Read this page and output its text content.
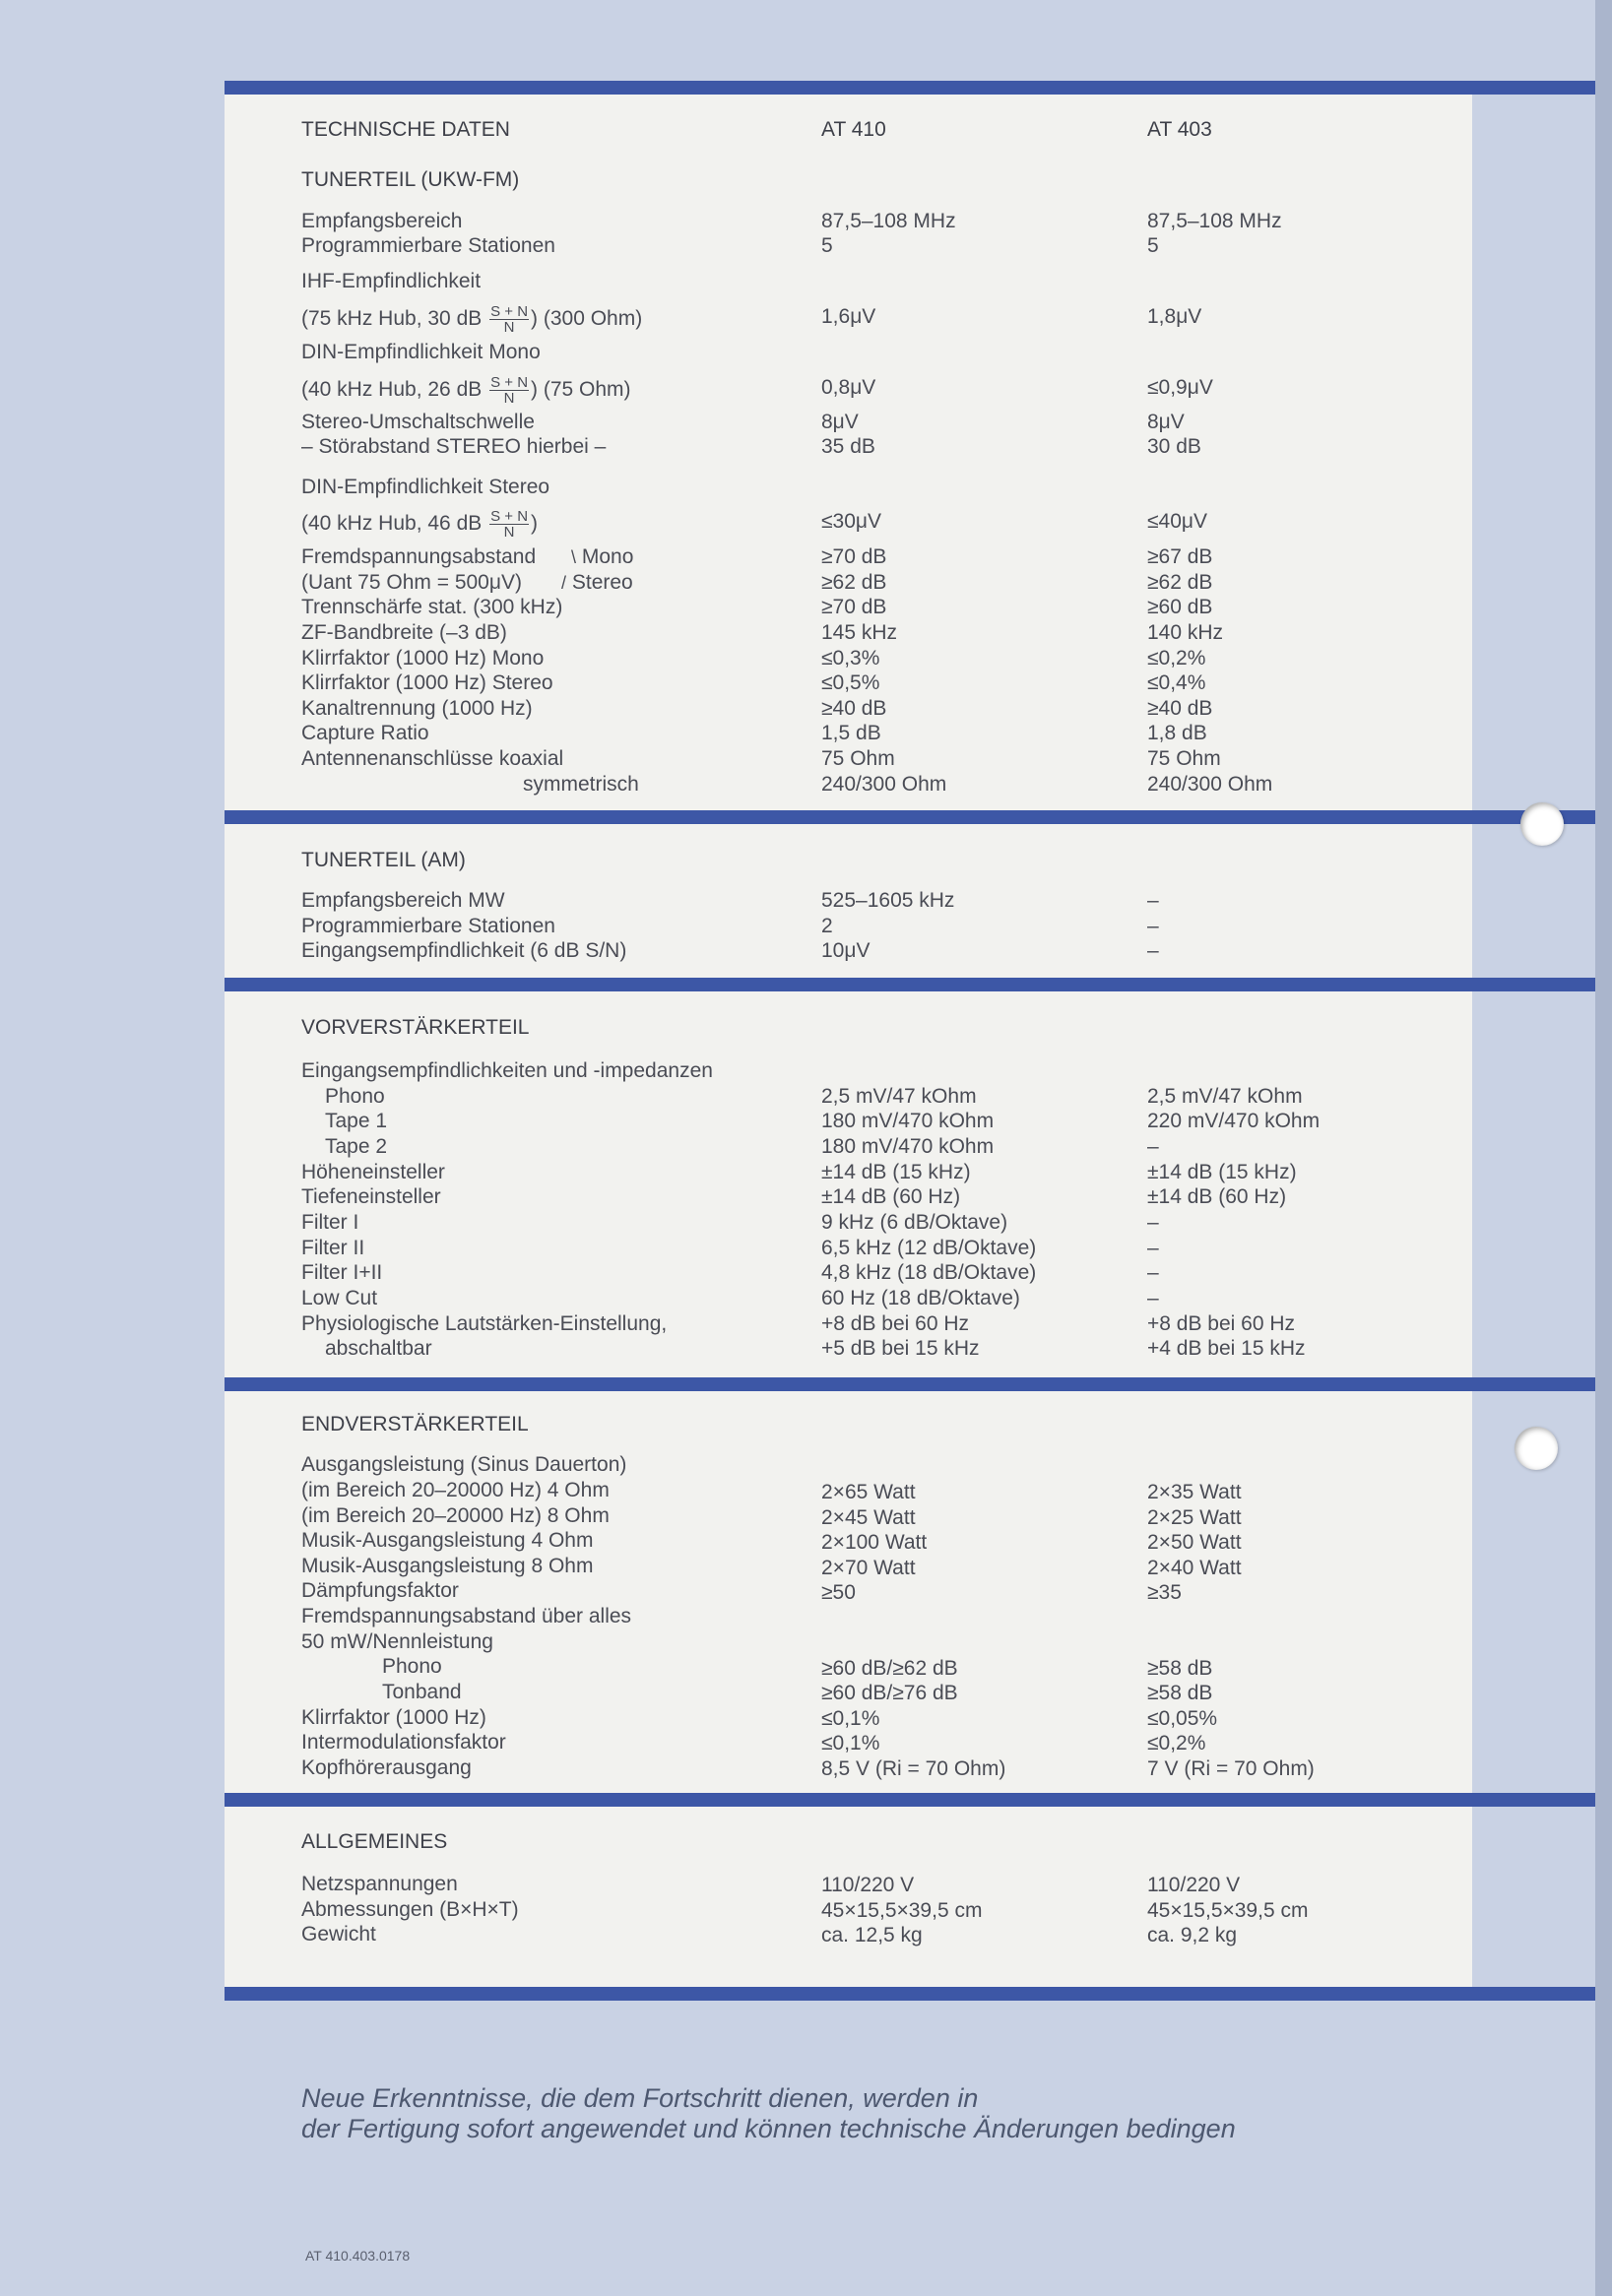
TECHNISCHE DATEN	AT 410	AT 403
TUNERTEIL (UKW-FM)
Empfangsbereich	87,5–108 MHz	87,5–108 MHz
Programmierbare Stationen	5	5
IHF-Empfindlichkeit
(75 kHz Hub, 30 dB $\frac{S + N}{N}$ ) (300 Ohm)	1,6μV	1,8μV
DIN-Empfindlichkeit Mono
(40 kHz Hub, 26 dB $\frac{S + N}{N}$ ) (75 Ohm)	0,8μV	≤0,9μV
Stereo-Umschaltschwelle	8μV	8μV
– Störabstand STEREO hierbei –	35 dB	30 dB
DIN-Empfindlichkeit Stereo
(40 kHz Hub, 46 dB $\frac{S + N}{N}$ )	≤30μV	≤40μV
Fremdspannungsabstand \ Mono	≥70 dB	≥67 dB
(Uant 75 Ohm = 500μV) / Stereo	≥62 dB	≥62 dB
Trennschärfe stat. (300 kHz)	≥70 dB	≥60 dB
ZF-Bandbreite (–3 dB)	145 kHz	140 kHz
Klirrfaktor (1000 Hz) Mono	≤0,3%	≤0,2%
Klirrfaktor (1000 Hz) Stereo	≤0,5%	≤0,4%
Kanaltrennung (1000 Hz)	≥40 dB	≥40 dB
Capture Ratio	1,5 dB	1,8 dB
Antennenanschlüsse koaxial	75 Ohm	75 Ohm
symmetrisch	240/300 Ohm	240/300 Ohm
TUNERTEIL (AM)
Empfangsbereich MW	525–1605 kHz	–
Programmierbare Stationen	2	–
Eingangsempfindlichkeit (6 dB S/N)	10μV	–
VORVERSTÄRKERTEIL
Eingangsempfindlichkeiten und -impedanzen
Phono	2,5 mV/47 kOhm	2,5 mV/47 kOhm
Tape 1	180 mV/470 kOhm	220 mV/470 kOhm
Tape 2	180 mV/470 kOhm	–
Höheneinsteller	±14 dB (15 kHz)	±14 dB (15 kHz)
Tiefeneinsteller	±14 dB (60 Hz)	±14 dB (60 Hz)
Filter I	9 kHz (6 dB/Oktave)	–
Filter II	6,5 kHz (12 dB/Oktave)	–
Filter I+II	4,8 kHz (18 dB/Oktave)	–
Low Cut	60 Hz (18 dB/Oktave)	–
Physiologische Lautstärken-Einstellung,	+8 dB bei 60 Hz	+8 dB bei 60 Hz
abschaltbar	+5 dB bei 15 kHz	+4 dB bei 15 kHz
ENDVERSTÄRKERTEIL
Ausgangsleistung (Sinus Dauerton)
(im Bereich 20–20000 Hz) 4 Ohm	2×65 Watt	2×35 Watt
(im Bereich 20–20000 Hz) 8 Ohm	2×45 Watt	2×25 Watt
Musik-Ausgangsleistung 4 Ohm	2×100 Watt	2×50 Watt
Musik-Ausgangsleistung 8 Ohm	2×70 Watt	2×40 Watt
Dämpfungsfaktor	≥50	≥35
Fremdspannungsabstand über alles
50 mW/Nennleistung
Phono	≥60 dB/≥62 dB	≥58 dB
Tonband	≥60 dB/≥76 dB	≥58 dB
Klirrfaktor (1000 Hz)	≤0,1%	≤0,05%
Intermodulationsfaktor	≤0,1%	≤0,2%
Kopfhörerausgang	8,5 V (Ri = 70 Ohm)	7 V (Ri = 70 Ohm)
ALLGEMEINES
Netzspannungen	110/220 V	110/220 V
Abmessungen (B×H×T)	45×15,5×39,5 cm	45×15,5×39,5 cm
Gewicht	ca. 12,5 kg	ca. 9,2 kg
Neue Erkenntnisse, die dem Fortschritt dienen, werden in
der Fertigung sofort angewendet und können technische Änderungen bedingen
AT 410.403.0178
